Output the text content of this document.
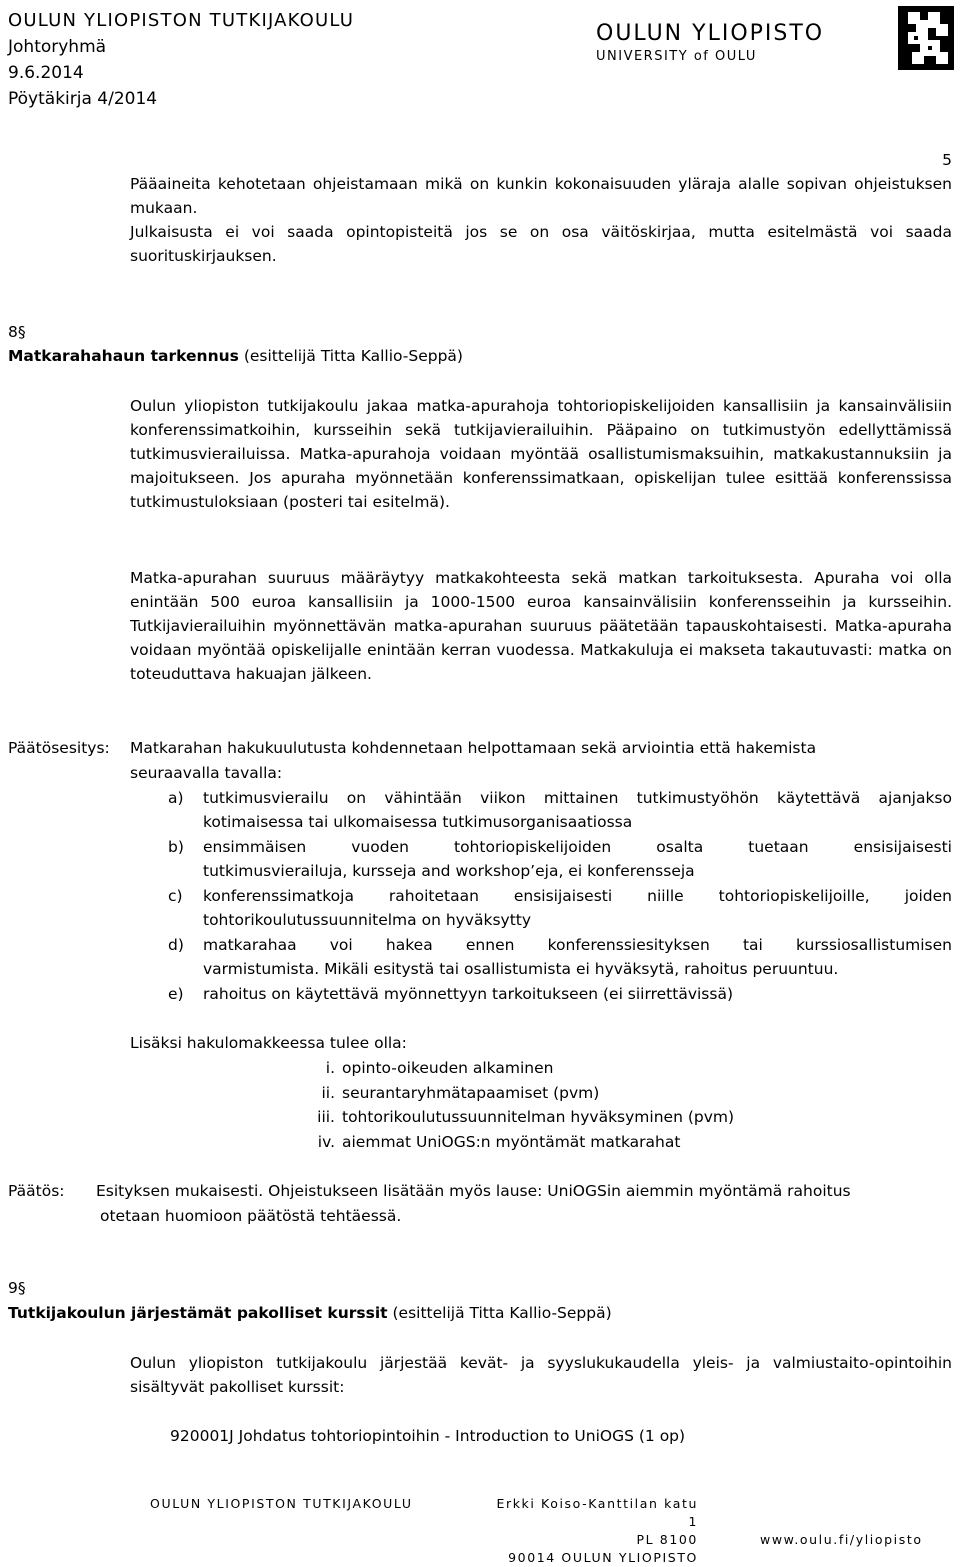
OULUN YLIOPISTON TUTKIJAKOULU
Johtoryhmä
9.6.2014
Pöytäkirja 4/2014
OULUN YLIOPISTO
UNIVERSITY of OULU
5

Pääaineita kehotetaan ohjeistamaan mikä on kunkin kokonaisuuden yläraja alalle sopivan ohjeistuksen mukaan.

Julkaisusta ei voi saada opintopisteitä jos se on osa väitöskirjaa, mutta esitelmästä voi saada suorituskirjauksen.

8§
Matkarahahaun tarkennus (esittelijä Titta Kallio-Seppä)

Oulun yliopiston tutkijakoulu jakaa matka-apurahoja tohtoriopiskelijoiden kansallisiin ja kansainvälisiin konferenssimatkoihin, kursseihin sekä tutkijavierailuihin. Pääpaino on tutkimustyön edellyttämissä tutkimusvierailuissa. Matka-apurahoja voidaan myöntää osallistumismaksuihin, matkakustannuksiin ja majoitukseen. Jos apuraha myönnetään konferenssimatkaan, opiskelijan tulee esittää konferenssissa tutkimustuloksiaan (posteri tai esitelmä).

Matka-apurahan suuruus määräytyy matkakohteesta sekä matkan tarkoituksesta. Apuraha voi olla enintään 500 euroa kansallisiin ja 1000-1500 euroa kansainvälisiin konferensseihin ja kursseihin. Tutkijavierailuihin myönnettävän matka-apurahan suuruus päätetään tapauskohtaisesti. Matka-apuraha voidaan myöntää opiskelijalle enintään kerran vuodessa. Matkakuluja ei makseta takautuvasti: matka on toteuduttava hakuajan jälkeen.

Päätösesitys: Matkarahan hakukuulutusta kohdennetaan helpottamaan sekä arviointia että hakemista
seuraavalla tavalla:
a) tutkimusvierailu on vähintään viikon mittainen tutkimustyöhön käytettävä ajanjakso
kotimaisessa tai ulkomaisessa tutkimusorganisaatiossa
b) ensimmäisen vuoden tohtoriopiskelijoiden osalta tuetaan ensisijaisesti
tutkimusvierailuja, kursseja and workshop’eja, ei konferensseja
c) konferenssimatkoja rahoitetaan ensisijaisesti niille tohtoriopiskelijoille, joiden
tohtorikoulutussuunnitelma on hyväksytty
d) matkarahaa voi hakea ennen konferenssiesityksen tai kurssiosallistumisen
varmistumista. Mikäli esitystä tai osallistumista ei hyväksytä, rahoitus peruuntuu.
e) rahoitus on käytettävä myönnettyyn tarkoitukseen (ei siirrettävissä)
Lisäksi hakulomakkeessa tulee olla:
i. opinto-oikeuden alkaminen
ii. seurantaryhmätapaamiset (pvm)
iii. tohtorikoulutussuunnitelman hyväksyminen (pvm)
iv. aiemmat UniOGS:n myöntämät matkarahat
Päätös: Esityksen mukaisesti. Ohjeistukseen lisätään myös lause: UniOGSin aiemmin myöntämä rahoitus
otetaan huomioon päätöstä tehtäessä.
9§
Tutkijakoulun järjestämät pakolliset kurssit (esittelijä Titta Kallio-Seppä)

Oulun yliopiston tutkijakoulu järjestää kevät- ja syyslukukaudella yleis- ja valmiustaito-opintoihin sisältyvät pakolliset kurssit:

920001J Johdatus tohtoriopintoihin - Introduction to UniOGS (1 op)
OULUN YLIOPISTON TUTKIJAKOULU	Erkki Koiso-Kanttilan katu 1
PL 8100
90014 OULUN YLIOPISTO
www.oulu.fi/yliopisto
